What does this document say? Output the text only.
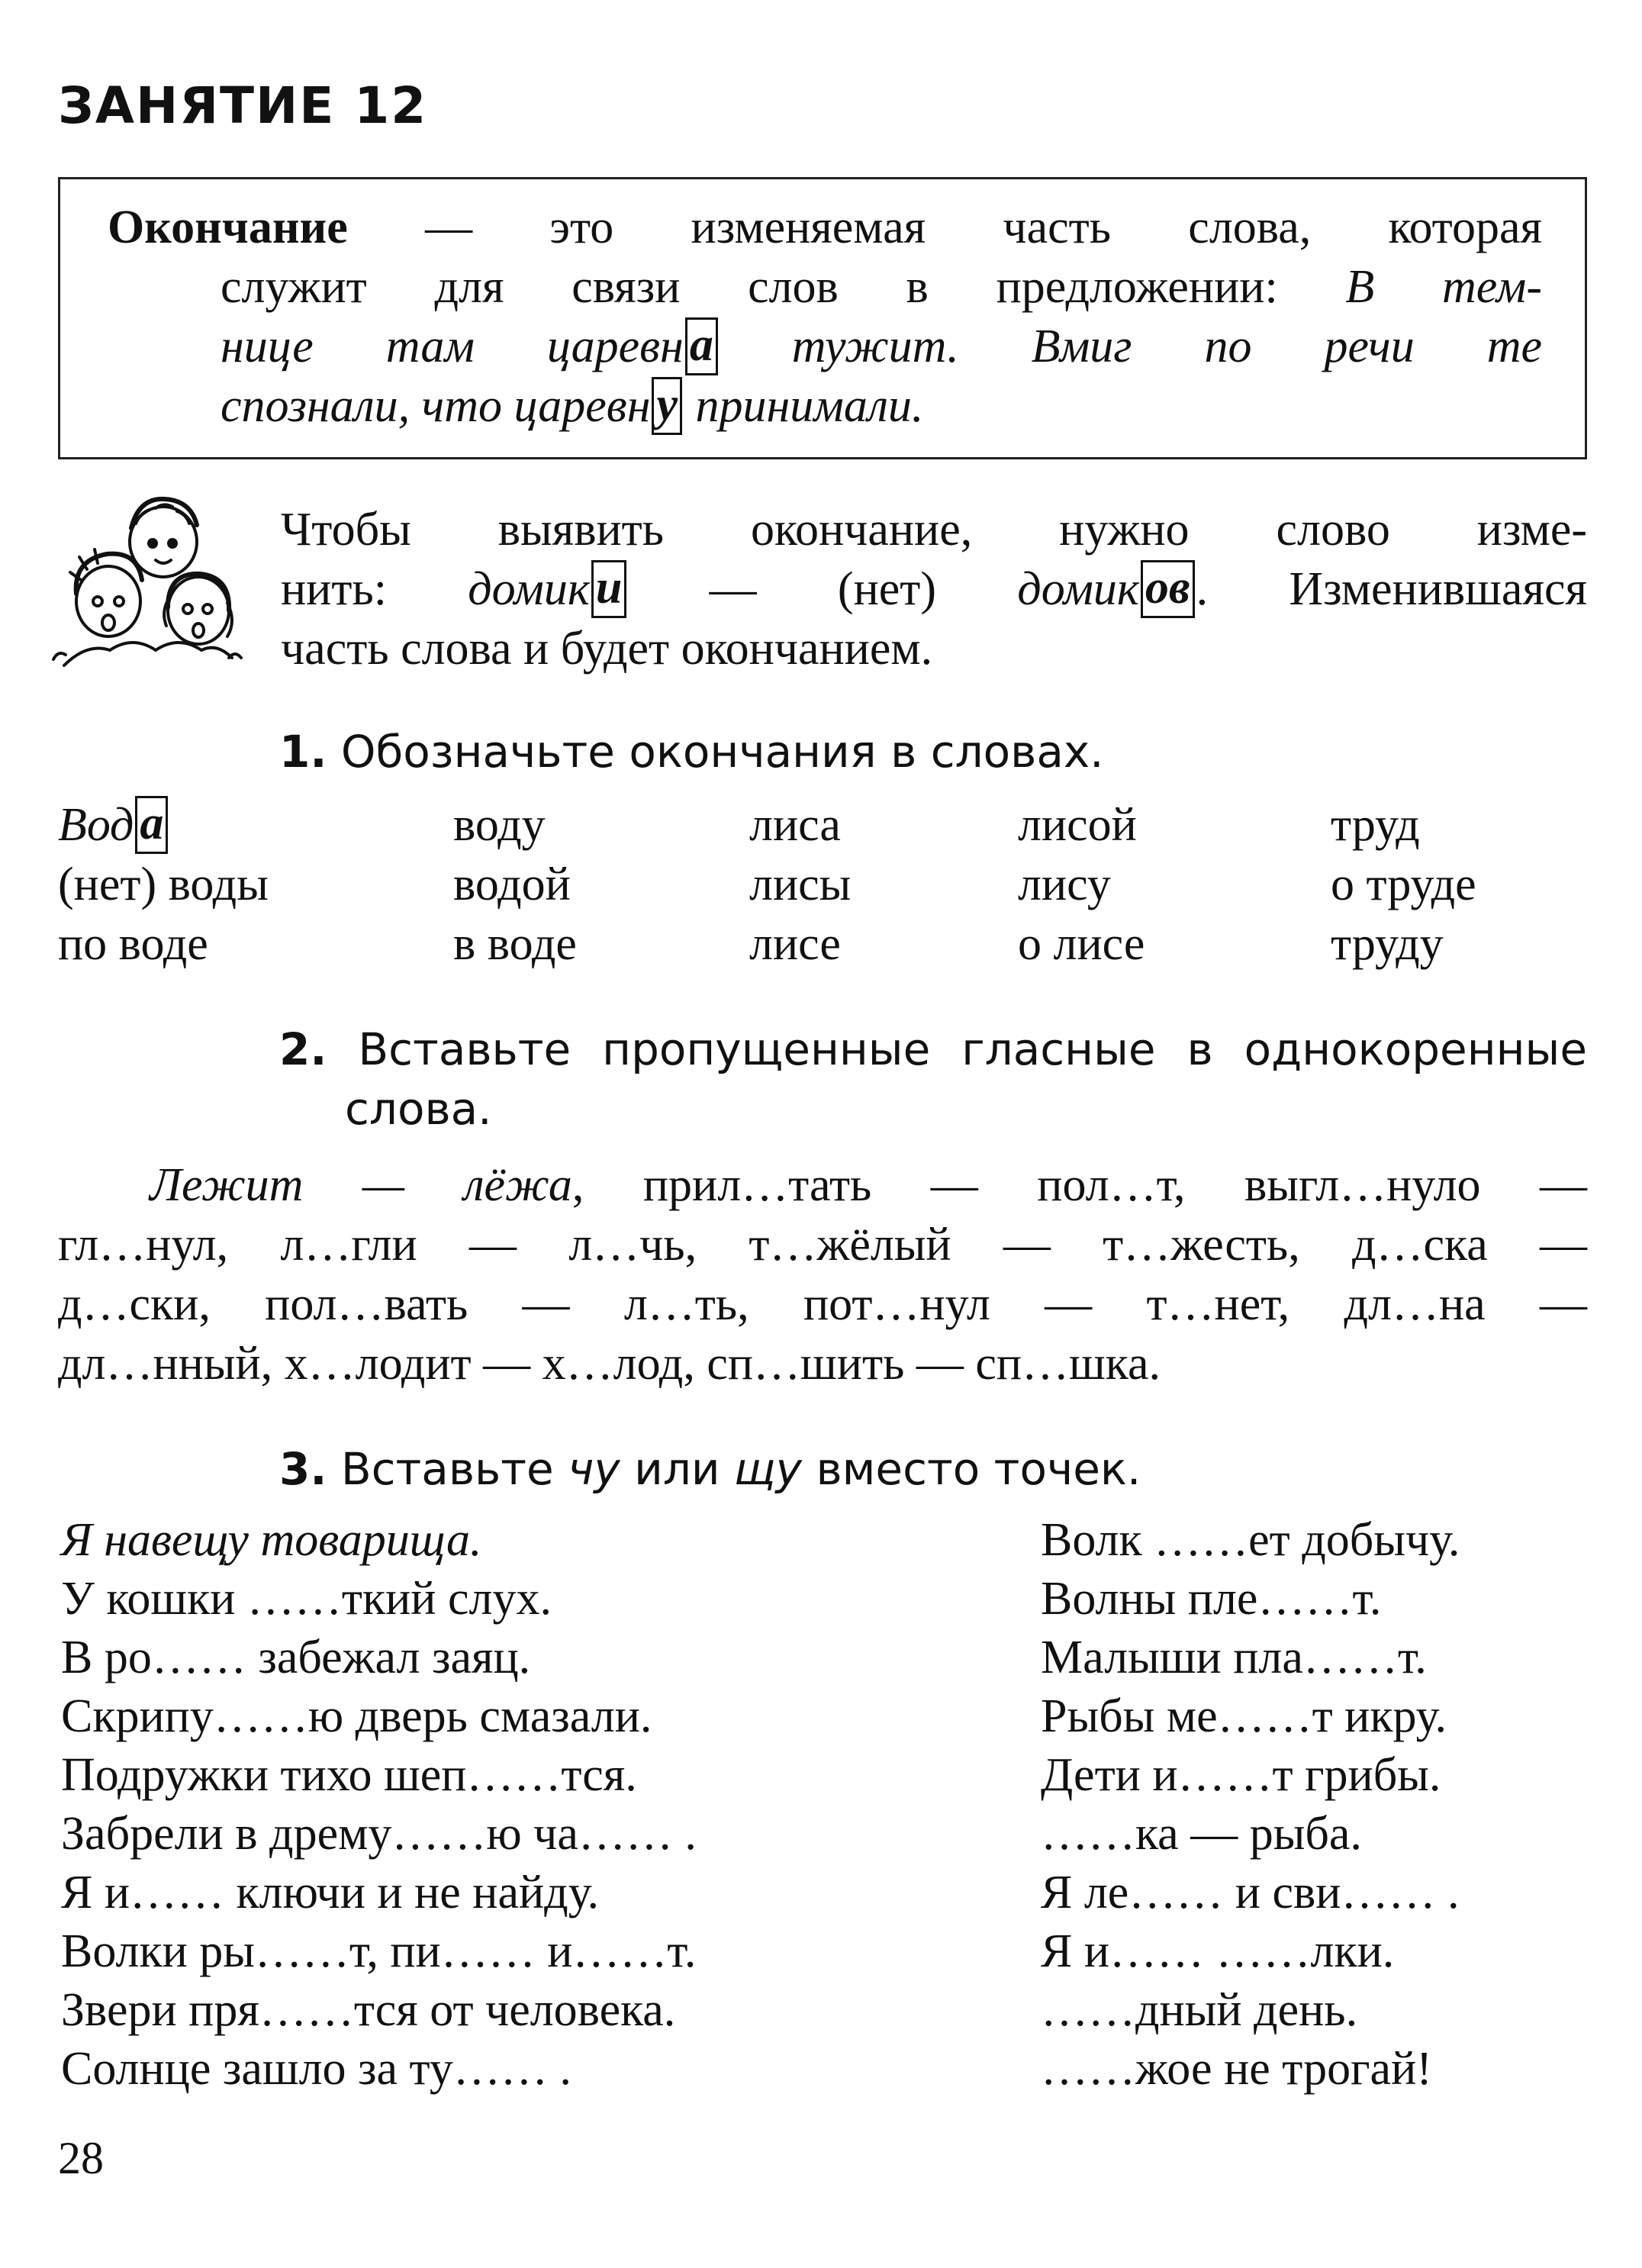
ЗАНЯТИЕ 12
Окончание — это изменяемая часть слова, которая
служит для связи слов в предложении: В тем-
нице там царевн а тужит. Вмиг по речи те
спознали, что царевн у принимали.
Чтобы выявить окончание, нужно слово изме-
нить: домик и — (нет) домик ов . Изменившаяся
часть слова и будет окончанием.
1. Обозначьте окончания в словах.
Вод а
(нет) воды
по воде
воду
водой
в воде
лиса
лисы
лисе
лисой
лису
о лисе
труд
о труде
труду
2. Вставьте пропущенные гласные в однокоренные
слова.
Лежит — лёжа, прил…тать — пол…т, выгл…нуло —
гл…нул, л…гли — л…чь, т…жёлый — т…жесть, д…ска —
д…ски, пол…вать — л…ть, пот…нул — т…нет, дл…на —
дл…нный, х…лодит — х…лод, сп…шить — сп…шка.
3. Вставьте чу или щу вместо точек.
Я навещу товарища.
У кошки ……ткий слух.
В ро…… забежал заяц.
Скрипу……ю дверь смазали.
Подружки тихо шеп……тся.
Забрели в дрему……ю ча…… .
Я и…… ключи и не найду.
Волки ры……т, пи…… и……т.
Звери пря……тся от человека.
Солнце зашло за ту…… .
Волк ……ет добычу.
Волны пле……т.
Малыши пла……т.
Рыбы ме……т икру.
Дети и……т грибы.
……ка — рыба.
Я ле…… и сви…… .
Я и…… ……лки.
……дный день.
……жое не трогай!
28
